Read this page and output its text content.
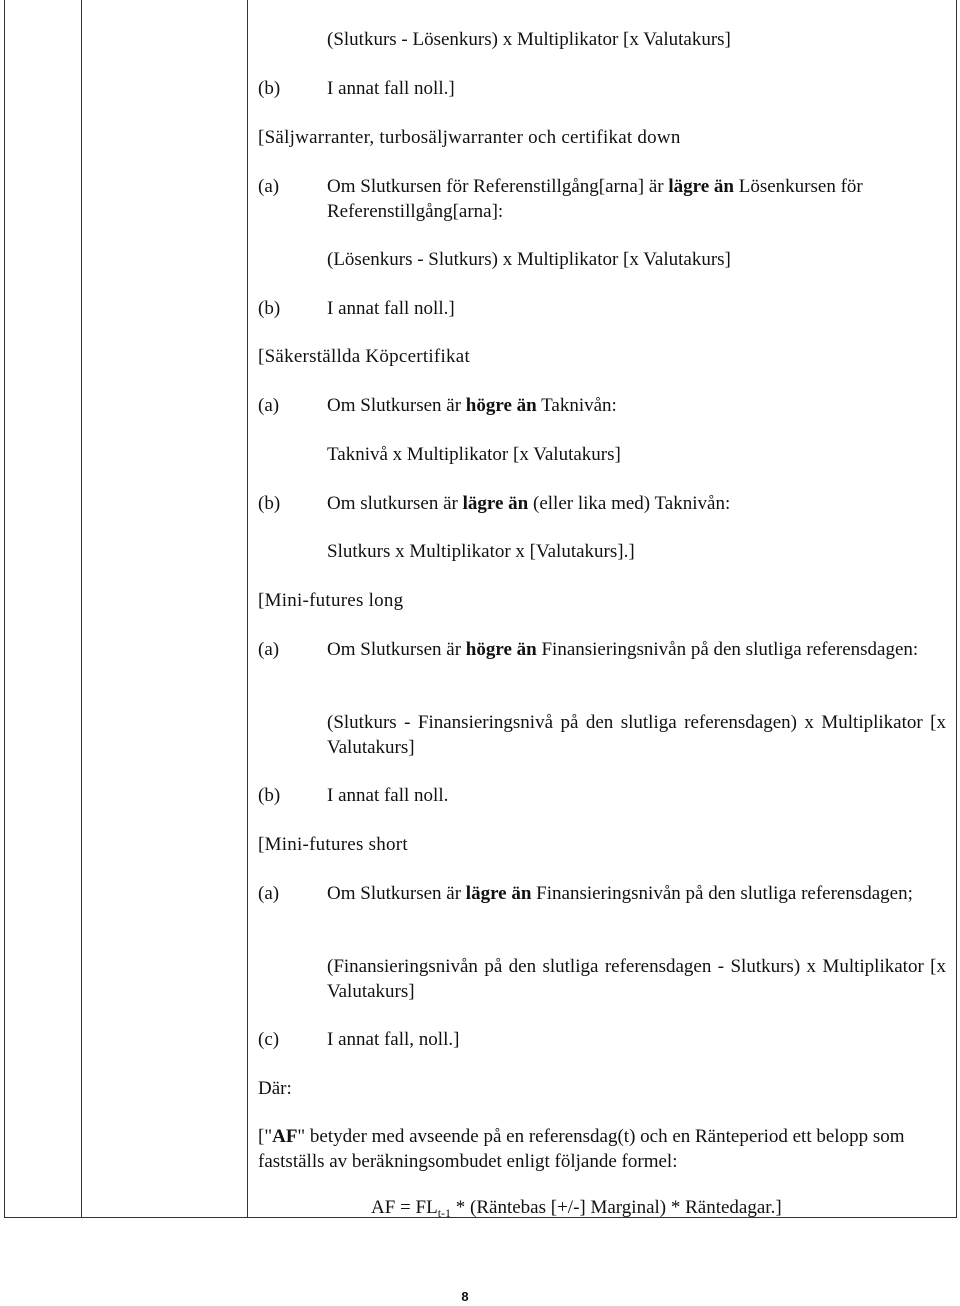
(Slutkurs - Lösenkurs) x Multiplikator [x Valutakurs]
(b)	I annat fall noll.]
[Säljwarranter, turbosäljwarranter och certifikat down
(a)	Om Slutkursen för Referenstillgång[arna] är lägre än Lösenkursen för
Referenstillgång[arna]:
(Lösenkurs - Slutkurs) x Multiplikator [x Valutakurs]
(b)	I annat fall noll.]
[Säkerställda Köpcertifikat
(a)	Om Slutkursen är högre än Taknivån:
Taknivå x Multiplikator [x Valutakurs]
(b)	Om slutkursen är lägre än (eller lika med) Taknivån:
Slutkurs x Multiplikator x [Valutakurs].]
[Mini-futures long
(a)	Om Slutkursen är högre än Finansieringsnivån på den slutliga referensdagen:
(Slutkurs - Finansieringsnivå på den slutliga referensdagen) x Multiplikator [x Valutakurs]
(b)	I annat fall noll.
[Mini-futures short
(a)	Om Slutkursen är lägre än Finansieringsnivån på den slutliga referensdagen;
(Finansieringsnivån på den slutliga referensdagen - Slutkurs) x Multiplikator [x Valutakurs]
(c)	I annat fall, noll.]
Där:
["AF" betyder med avseende på en referensdag(t) och en Ränteperiod ett belopp som fastställs av beräkningsombudet enligt följande formel:
AF = $FL_{t-1}$ * (Räntebas [+/-] Marginal) * Räntedagar.]
8
